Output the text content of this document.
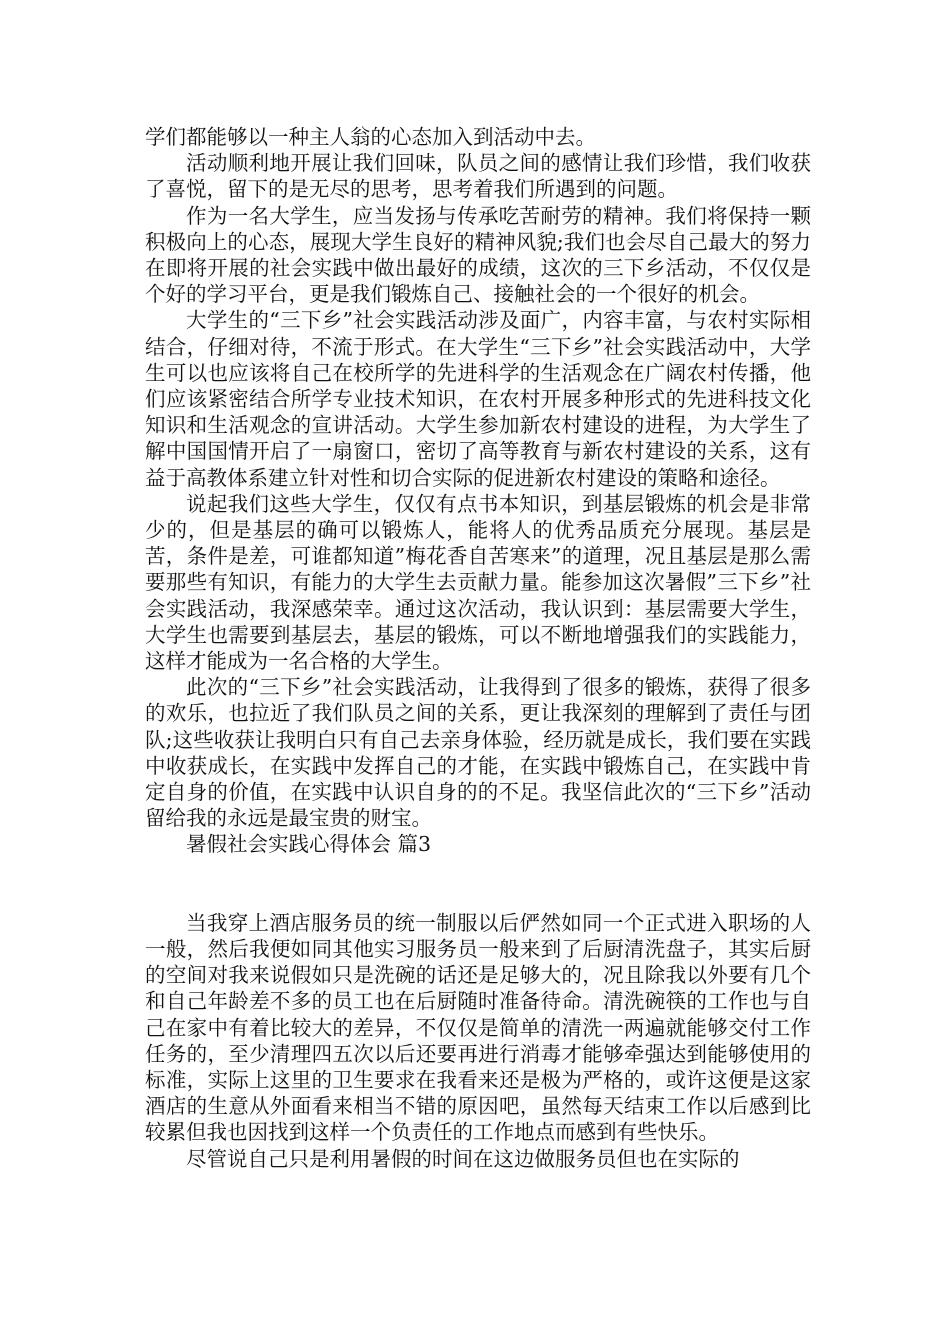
学们都能够以一种主人翁的心态加入到活动中去。

活动顺利地开展让我们回味，队员之间的感情让我们珍惜，我们收获了喜悦，留下的是无尽的思考，思考着我们所遇到的问题。

作为一名大学生，应当发扬与传承吃苦耐劳的精神。我们将保持一颗积极向上的心态，展现大学生良好的精神风貌;我们也会尽自己最大的努力在即将开展的社会实践中做出最好的成绩，这次的三下乡活动，不仅仅是个好的学习平台，更是我们锻炼自己、接触社会的一个很好的机会。

大学生的“三下乡”社会实践活动涉及面广，内容丰富，与农村实际相结合，仔细对待，不流于形式。在大学生“三下乡”社会实践活动中，大学生可以也应该将自己在校所学的先进科学的生活观念在广阔农村传播，他们应该紧密结合所学专业技术知识，在农村开展多种形式的先进科技文化知识和生活观念的宣讲活动。大学生参加新农村建设的进程，为大学生了解中国国情开启了一扇窗口，密切了高等教育与新农村建设的关系，这有益于高教体系建立针对性和切合实际的促进新农村建设的策略和途径。

说起我们这些大学生，仅仅有点书本知识，到基层锻炼的机会是非常少的，但是基层的确可以锻炼人，能将人的优秀品质充分展现。基层是苦，条件是差，可谁都知道”梅花香自苦寒来”的道理，况且基层是那么需要那些有知识，有能力的大学生去贡献力量。能参加这次暑假”三下乡”社会实践活动，我深感荣幸。通过这次活动，我认识到：基层需要大学生，大学生也需要到基层去，基层的锻炼，可以不断地增强我们的实践能力，这样才能成为一名合格的大学生。

此次的“三下乡”社会实践活动，让我得到了很多的锻炼，获得了很多的欢乐，也拉近了我们队员之间的关系，更让我深刻的理解到了责任与团队;这些收获让我明白只有自己去亲身体验，经历就是成长，我们要在实践中收获成长，在实践中发挥自己的才能，在实践中锻炼自己，在实践中肯定自身的价值，在实践中认识自身的的不足。我坚信此次的“三下乡”活动留给我的永远是最宝贵的财宝。

暑假社会实践心得体会 篇3

当我穿上酒店服务员的统一制服以后俨然如同一个正式进入职场的人一般，然后我便如同其他实习服务员一般来到了后厨清洗盘子，其实后厨的空间对我来说假如只是洗碗的话还是足够大的，况且除我以外要有几个和自己年龄差不多的员工也在后厨随时准备待命。清洗碗筷的工作也与自己在家中有着比较大的差异，不仅仅是简单的清洗一两遍就能够交付工作任务的，至少清理四五次以后还要再进行消毒才能够牵强达到能够使用的标准，实际上这里的卫生要求在我看来还是极为严格的，或许这便是这家酒店的生意从外面看来相当不错的原因吧，虽然每天结束工作以后感到比较累但我也因找到这样一个负责任的工作地点而感到有些快乐。

尽管说自己只是利用暑假的时间在这边做服务员但也在实际的
